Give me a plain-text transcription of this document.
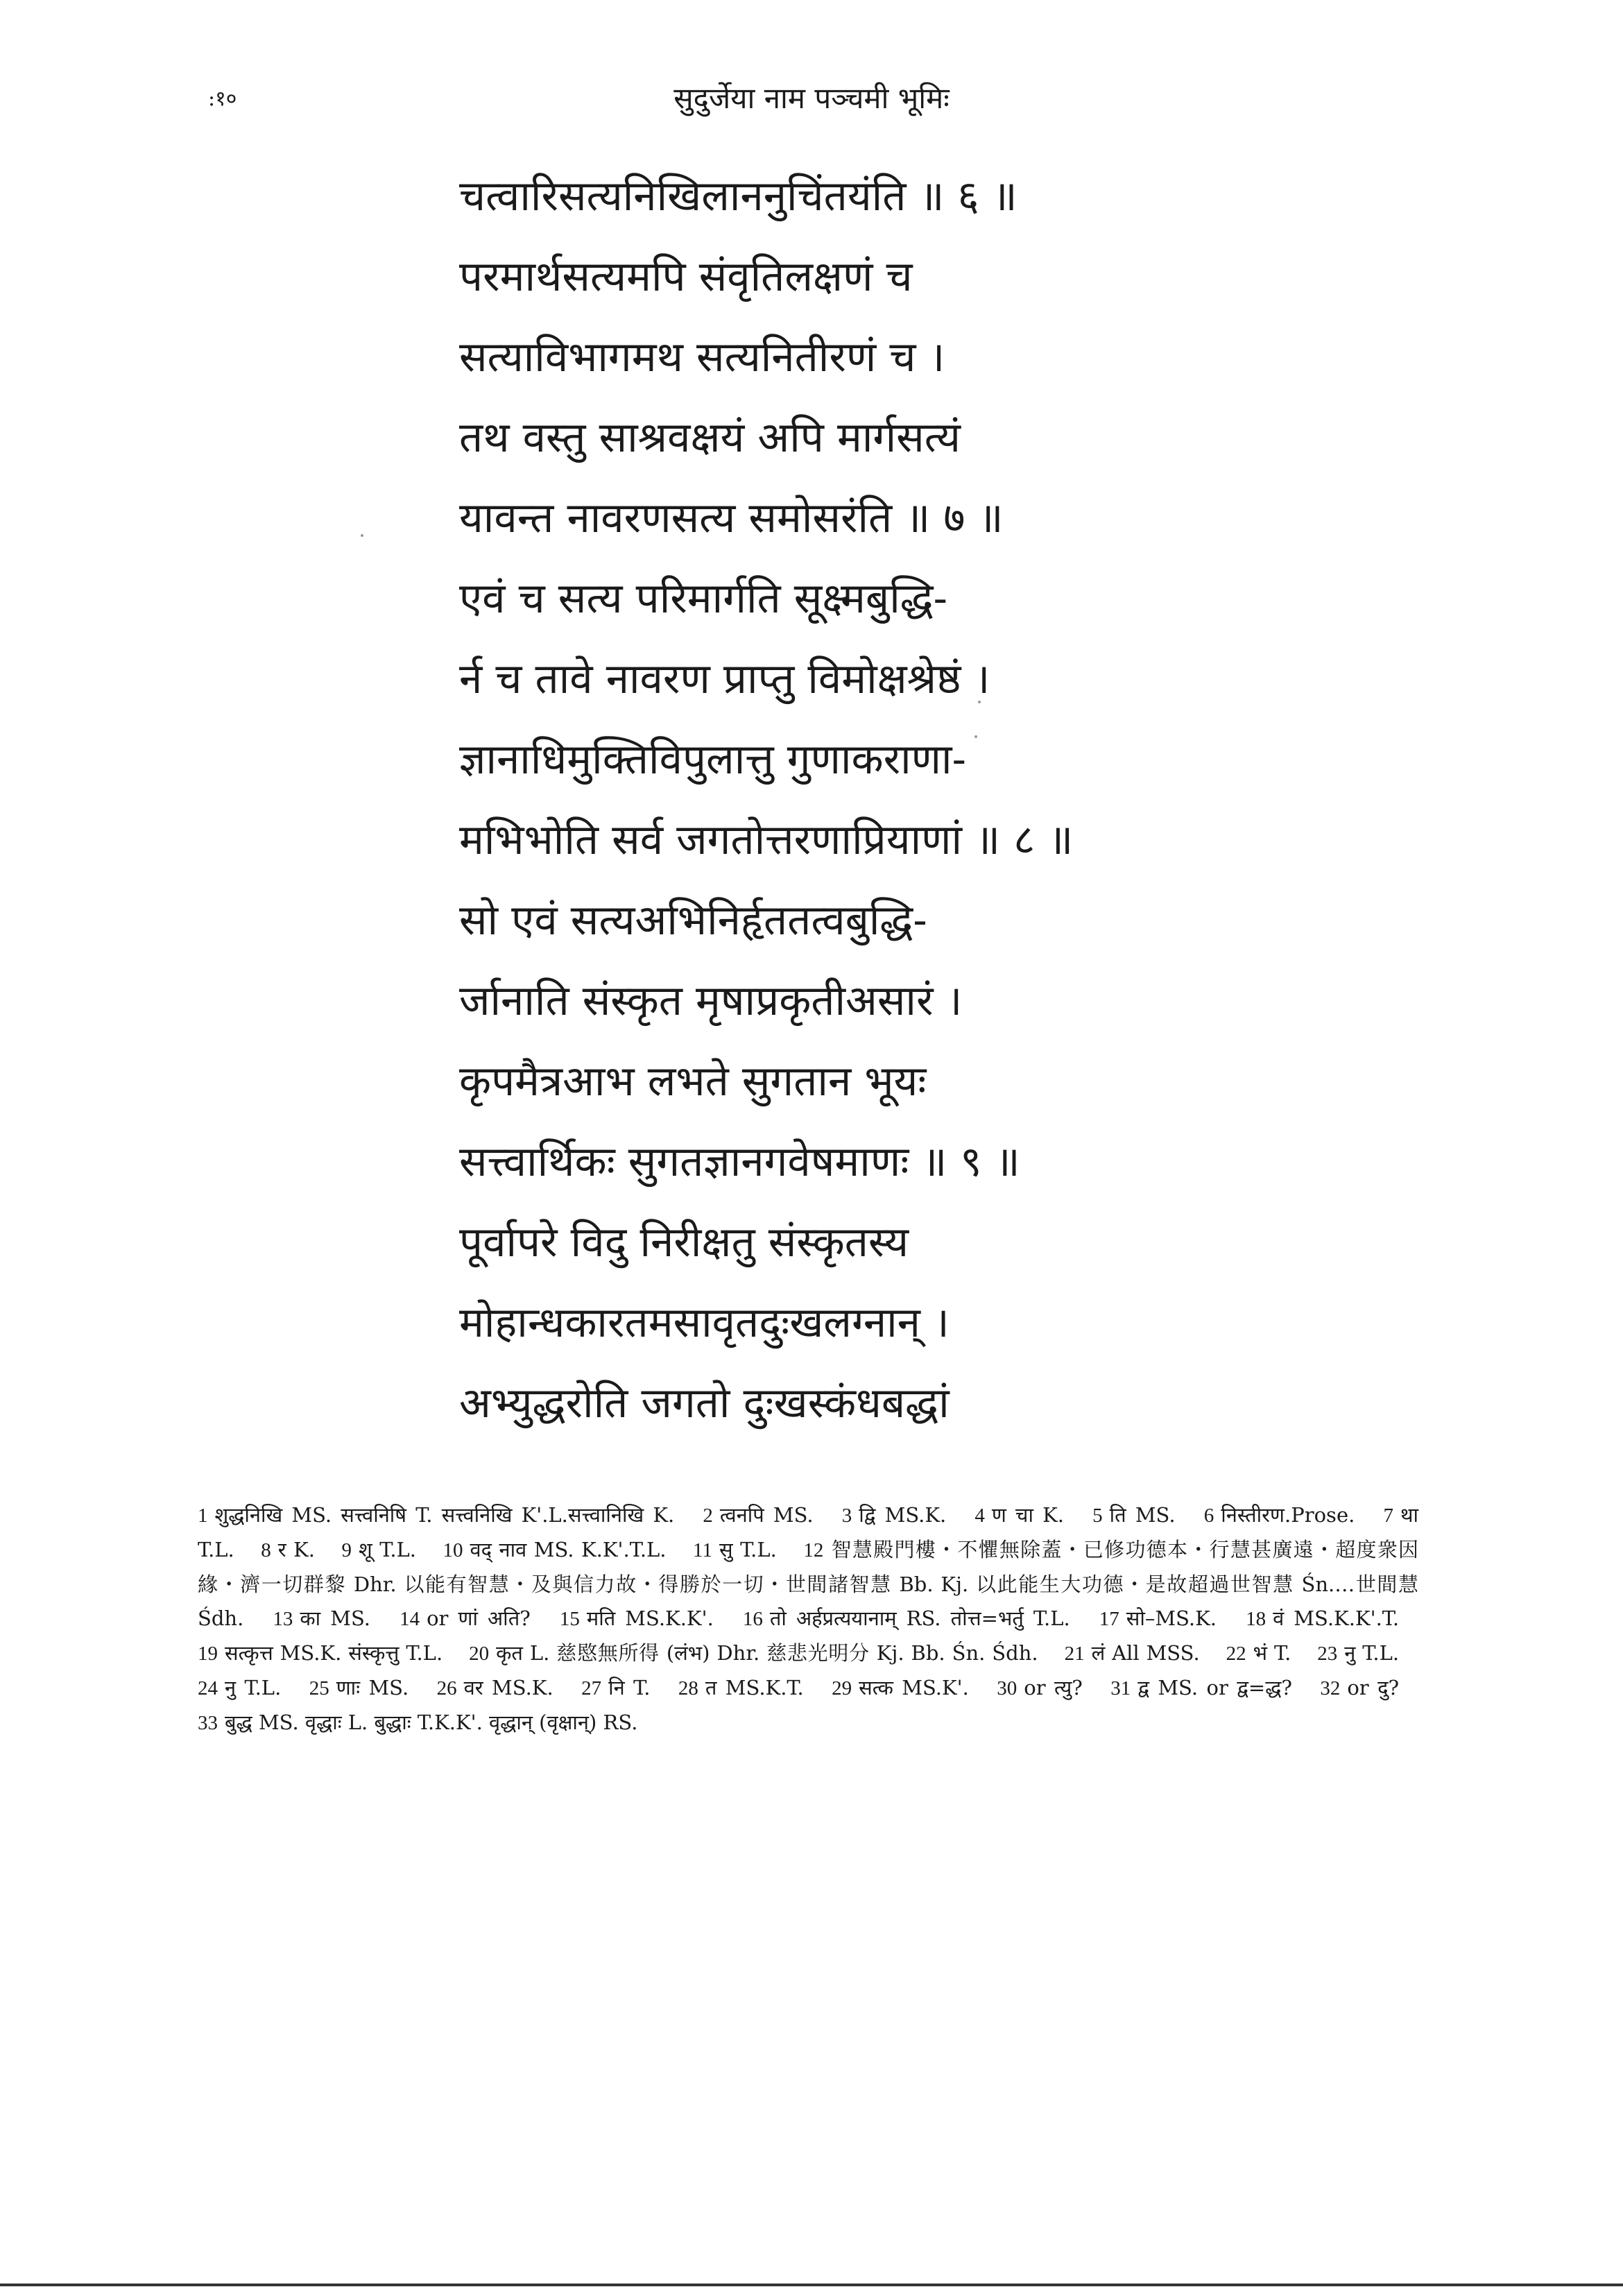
:१०	सुदुर्जेया नाम पञ्चमी भूमिः
चत्वारिसत्यनिखिलाननुचिंतयंति ॥ ६ ॥
परमार्थसत्यमपि संवृतिलक्षणं च
सत्याविभागमथ सत्यनितीरणं च ।
तथ वस्तु साश्रवक्षयं अपि मार्गसत्यं
यावन्त नावरणसत्य समोसरंति ॥ ७ ॥
एवं च सत्य परिमार्गति सूक्ष्मबुद्धि-
र्न च तावे नावरण प्राप्तु विमोक्षश्रेष्ठं ।
ज्ञानाधिमुक्तिविपुलात्तु गुणाकराणा-
मभिभोति सर्व जगतोत्तरणाप्रियाणां ॥ ८ ॥
सो एवं सत्यअभिनिर्हृततत्वबुद्धि-
र्जानाति संस्कृत मृषाप्रकृतीअसारं ।
कृपमैत्रआभ लभते सुगतान भूयः
सत्त्वार्थिकः सुगतज्ञानगवेषमाणः ॥ ९ ॥
पूर्वापरे विदु निरीक्षतु संस्कृतस्य
मोहान्धकारतमसावृतदुःखलग्नान् ।
अभ्युद्धरोति जगतो दुःखस्कंधबद्धां
1 शुद्धनिखि MS. सत्त्वनिषि T. सत्त्वनिखि K'.L.सत्त्वानिखि K. 2 त्वनपि MS. 3 द्वि MS.K. 4 ण चा K. 5 ति MS. 6 निस्तीरण.Prose. 7 था T.L. 8 र K. 9 शू T.L. 10 वद् नाव MS. K.K'.T.L. 11 सु T.L. 12 智慧殿門樓・不懼無除蓋・已修功德本・行慧甚廣遠・超度衆因緣・濟一切群黎 Dhr. 以能有智慧・及與信力故・得勝於一切・世間諸智慧 Bb. Kj. 以此能生大功德・是故超過世智慧 Śn.…世間慧 Śdh. 13 का MS. 14 or णां अति? 15 मति MS.K.K'. 16 तो अर्हप्रत्ययानाम् RS. तोत्त=भर्तु T.L. 17 सो–MS.K. 18 वं MS.K.K'.T. 19 सत्कृत्त MS.K. संस्कृत्तु T.L. 20 कृत L. 慈愍無所得 (लंभ) Dhr. 慈悲光明分 Kj. Bb. Śn. Śdh. 21 लं All MSS. 22 भं T. 23 नु T.L. 24 नु T.L. 25 णाः MS. 26 वर MS.K. 27 नि T. 28 त MS.K.T. 29 सत्क MS.K'. 30 or त्यु? 31 द्व MS. or द्व=द्ध? 32 or दु? 33 बुद्ध MS. वृद्धाः L. बुद्धाः T.K.K'. वृद्धान् (वृक्षान्) RS.
